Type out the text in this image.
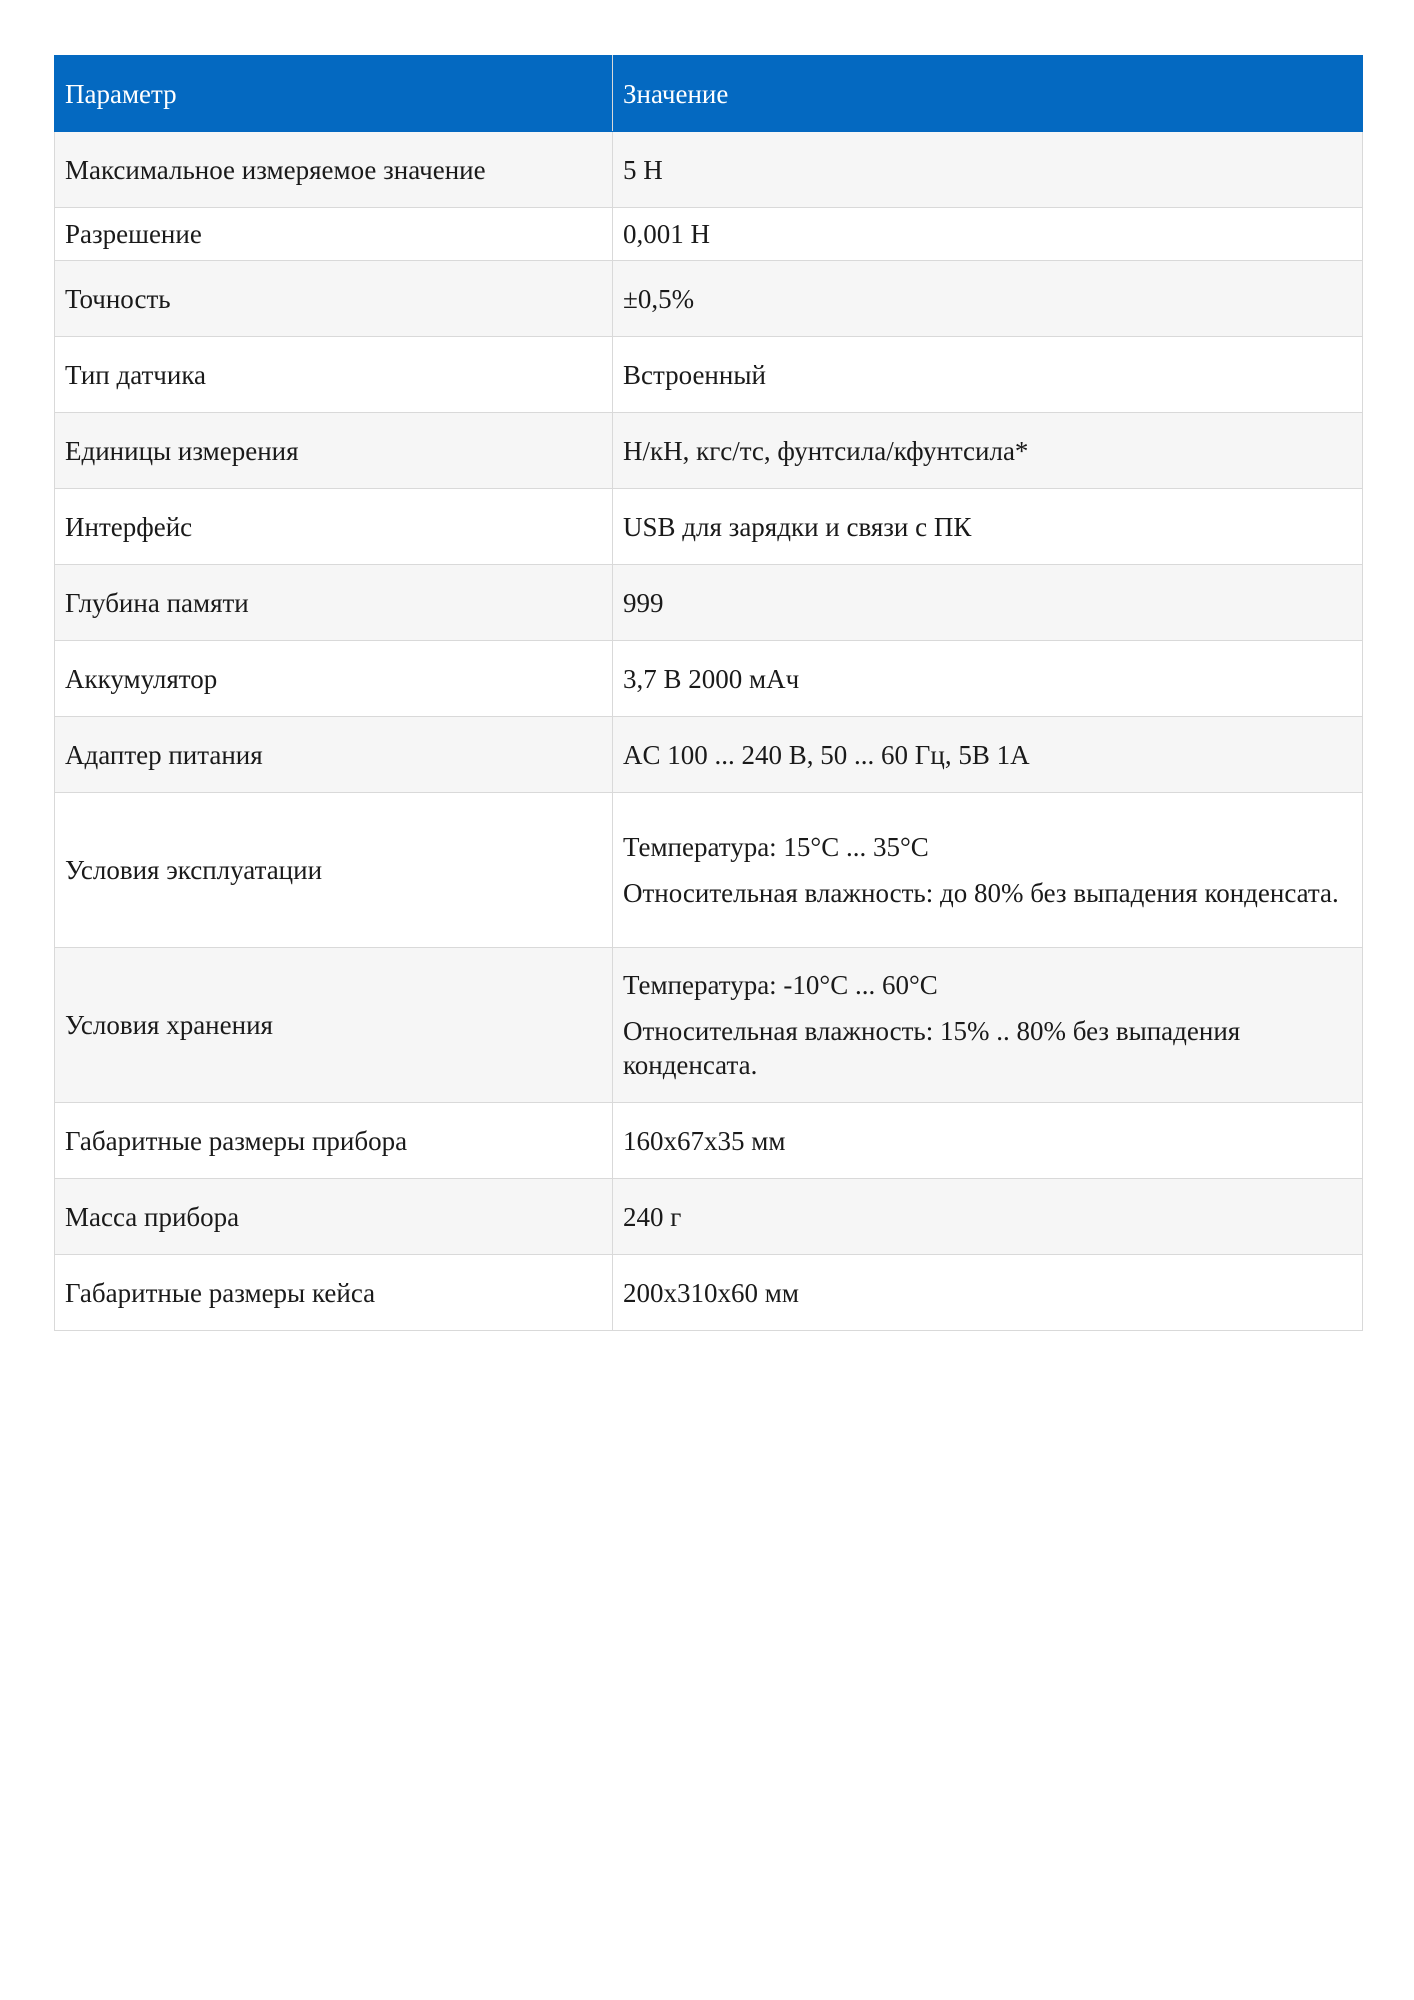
Параметр	Значение
Максимальное измеряемое значение	5 Н

Разрешение	0,001 Н

Точность	±0,5%

Тип датчика	Встроенный

Единицы измерения	Н/кН, кгс/тс, фунтсила/кфунтсила*

Интерфейс	USB для зарядки и связи с ПК

Глубина памяти	999

Аккумулятор	3,7 В 2000 мАч

Адаптер питания	AC 100 ... 240 В, 50 ... 60 Гц, 5В 1А

Условия эксплуатации	Температура: 15°C ... 35°C
Относительная влажность: до 80% без выпадения конденсата.

Условия хранения	Температура: -10°C ... 60°C
Относительная влажность: 15% .. 80% без выпадения конденсата.

Габаритные размеры прибора	160х67х35 мм

Масса прибора	240 г

Габаритные размеры кейса	200х310х60 мм
